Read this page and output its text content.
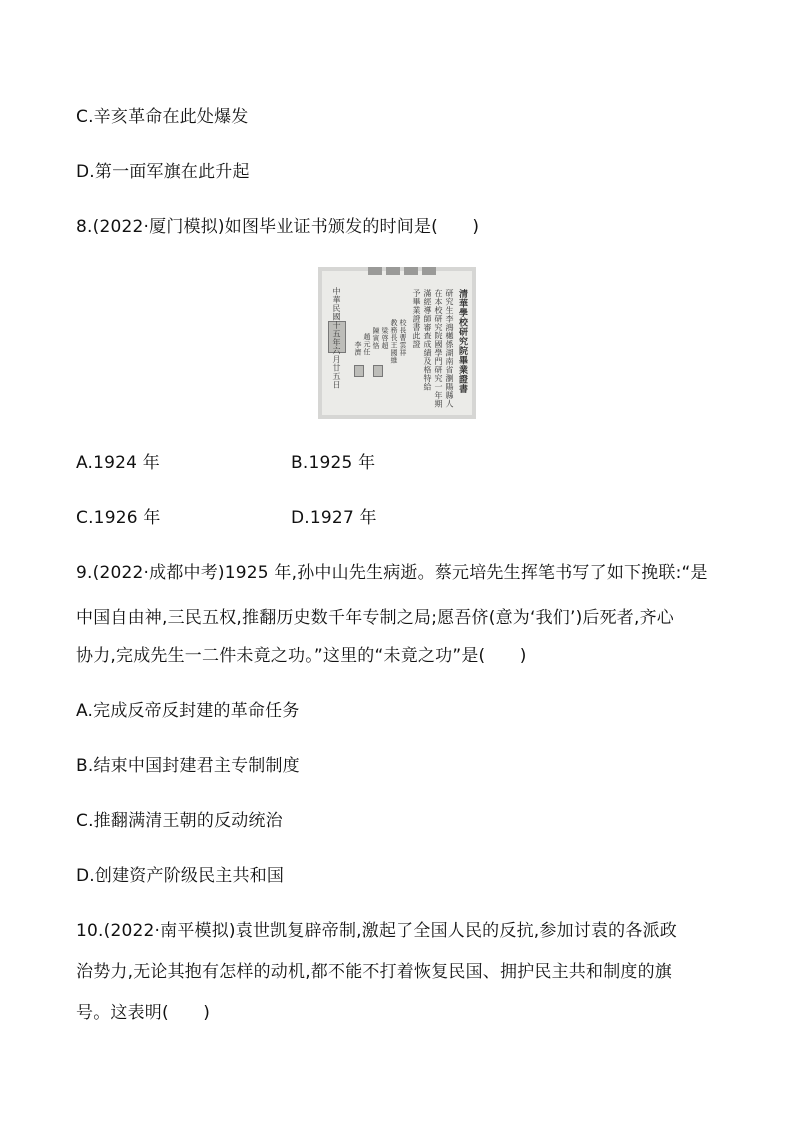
C.辛亥革命在此处爆发
D.第一面军旗在此升起
8.(2022·厦门模拟)如图毕业证书颁发的时间是(　　)
清華學校研究院畢業證書
研究生李鴻樾係湖南省瀏陽縣人
在本校研究院國學門研究一年期
滿經導師審查成績及格特給
予畢業證書此證
校長曹雲祥
教務長王國維
梁啓超
陳寅恪
趙元任
李濟
中華民國
十五年六月廿五日
A.1924 年	B.1925 年
C.1926 年	D.1927 年
9.(2022·成都中考)1925 年,孙中山先生病逝。蔡元培先生挥笔书写了如下挽联:“是
中国自由神,三民五权,推翻历史数千年专制之局;愿吾侪(意为‘我们’)后死者,齐心
协力,完成先生一二件未竟之功。”这里的“未竟之功”是(　　)
A.完成反帝反封建的革命任务
B.结束中国封建君主专制制度
C.推翻满清王朝的反动统治
D.创建资产阶级民主共和国
10.(2022·南平模拟)袁世凯复辟帝制,激起了全国人民的反抗,参加讨袁的各派政
治势力,无论其抱有怎样的动机,都不能不打着恢复民国、拥护民主共和制度的旗
号。这表明(　　)
